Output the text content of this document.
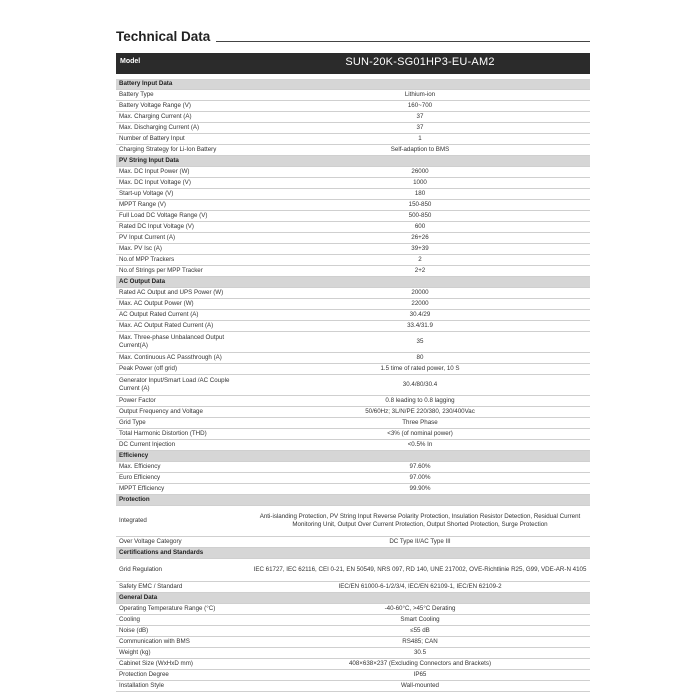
Technical Data
Model	SUN-20K-SG01HP3-EU-AM2
Battery Input Data	
Battery Type	Lithium-ion
Battery Voltage Range (V)	160~700
Max. Charging Current (A)	37
Max. Discharging Current (A)	37
Number of Battery Input	1
Charging Strategy for Li-Ion Battery	Self-adaption to BMS
PV String Input Data	
Max. DC Input Power (W)	26000
Max. DC Input Voltage (V)	1000
Start-up Voltage (V)	180
MPPT Range (V)	150-850
Full Load DC Voltage Range (V)	500-850
Rated DC Input Voltage (V)	600
PV Input Current (A)	26+26
Max. PV Isc (A)	39+39
No.of MPP Trackers	2
No.of Strings per MPP Tracker	2+2
AC Output Data	
Rated AC Output and UPS Power (W)	20000
Max. AC Output Power (W)	22000
AC Output Rated Current (A)	30.4/29
Max. AC Output Rated Current (A)	33.4/31.9
Max. Three-phase Unbalanced Output Current(A)	35
Max. Continuous AC Passthrough (A)	80
Peak Power (off grid)	1.5 time of rated power, 10 S
Generator Input/Smart Load /AC Couple Current (A)	30.4/80/30.4
Power Factor	0.8 leading to 0.8 lagging
Output Frequency and Voltage	50/60Hz; 3L/N/PE 220/380, 230/400Vac
Grid Type	Three Phase
Total Harmonic Distortion (THD)	<3% (of nominal power)
DC Current Injection	<0.5% In
Efficiency	
Max. Efficiency	97.60%
Euro Efficiency	97.00%
MPPT Efficiency	99.90%
Protection	
Integrated	Anti-islanding Protection, PV String Input Reverse Polarity Protection, Insulation Resistor Detection, Residual Current Monitoring Unit, Output Over Current Protection, Output Shorted Protection, Surge Protection
Over Voltage Category	DC Type II/AC Type III
Certifications and Standards	
Grid Regulation	IEC 61727, IEC 62116, CEI 0-21, EN 50549, NRS 097, RD 140, UNE 217002, OVE-Richtlinie R25, G99, VDE-AR-N 4105
Safety EMC / Standard	IEC/EN 61000-6-1/2/3/4, IEC/EN 62109-1, IEC/EN 62109-2
General Data	
Operating Temperature Range (°C)	-40-60°C, >45°C Derating
Cooling	Smart Cooling
Noise (dB)	≤55 dB
Communication with BMS	RS485; CAN
Weight (kg)	30.5
Cabinet Size (WxHxD mm)	408×638×237 (Excluding Connectors and Brackets)
Protection Degree	IP65
Installation Style	Wall-mounted
